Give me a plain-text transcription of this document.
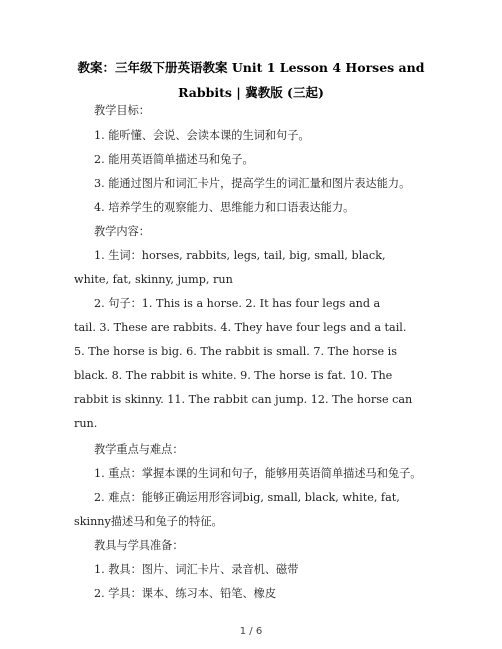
教案：三年级下册英语教案 Unit 1 Lesson 4 Horses and
Rabbits | 冀教版 (三起)
教学目标：
1. 能听懂、会说、会读本课的生词和句子。
2. 能用英语简单描述马和兔子。
3. 能通过图片和词汇卡片，提高学生的词汇量和图片表达能力。
4. 培养学生的观察能力、思维能力和口语表达能力。
教学内容：
1. 生词：horses, rabbits, legs, tail, big, small, black,
white, fat, skinny, jump, run
2. 句子：1. This is a horse. 2. It has four legs and a
tail. 3. These are rabbits. 4. They have four legs and a tail.
5. The horse is big. 6. The rabbit is small. 7. The horse is
black. 8. The rabbit is white. 9. The horse is fat. 10. The
rabbit is skinny. 11. The rabbit can jump. 12. The horse can
run.
教学重点与难点：
1. 重点：掌握本课的生词和句子，能够用英语简单描述马和兔子。
2. 难点：能够正确运用形容词big, small, black, white, fat,
skinny描述马和兔子的特征。
教具与学具准备：
1. 教具：图片、词汇卡片、录音机、磁带
2. 学具：课本、练习本、铅笔、橡皮
1 / 6
